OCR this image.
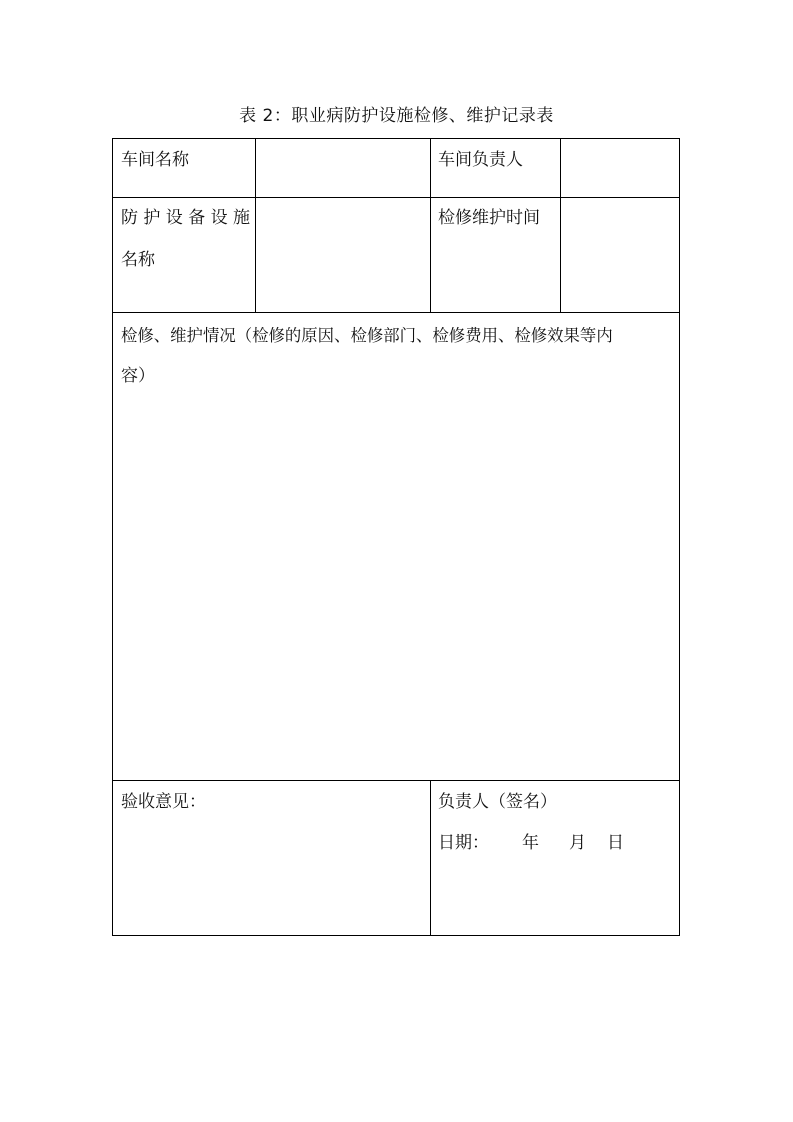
表 2：职业病防护设施检修、维护记录表
车间名称	车间负责人
防 护 设 备 设 施
名称
检修维护时间
检修、维护情况（检修的原因、检修部门、检修费用、检修效果等内
容）
验收意见：	负责人（签名）
日期： 年 月 日
